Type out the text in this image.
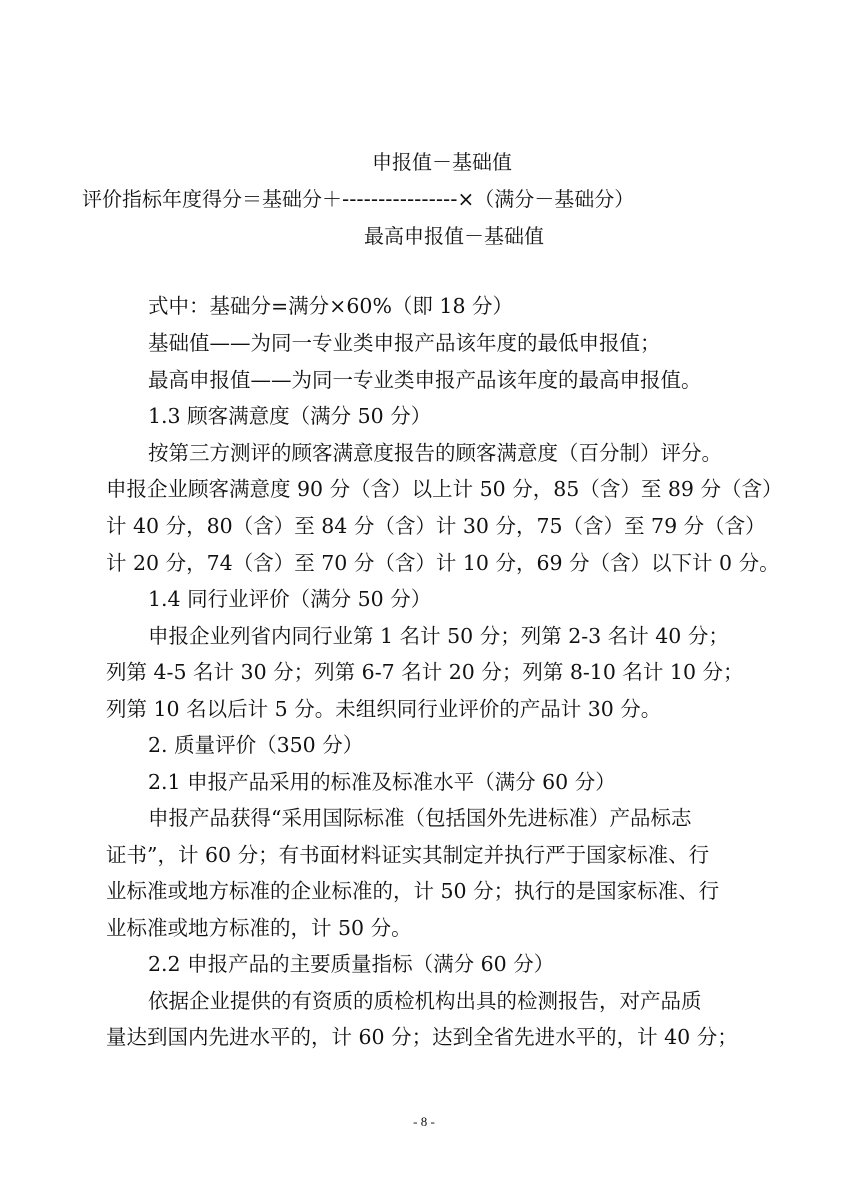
申报值－基础值
评价指标年度得分＝基础分＋----------------×（满分－基础分）
最高申报值－基础值
式中：基础分=满分×60%（即 18 分）
基础值——为同一专业类申报产品该年度的最低申报值；
最高申报值——为同一专业类申报产品该年度的最高申报值。
1.3 顾客满意度（满分 50 分）
按第三方测评的顾客满意度报告的顾客满意度（百分制）评分。
申报企业顾客满意度 90 分（含）以上计 50 分，85（含）至 89 分（含）
计 40 分，80（含）至 84 分（含）计 30 分，75（含）至 79 分（含）
计 20 分，74（含）至 70 分（含）计 10 分，69 分（含）以下计 0 分。
1.4 同行业评价（满分 50 分）
申报企业列省内同行业第 1 名计 50 分；列第 2-3 名计 40 分；
列第 4-5 名计 30 分；列第 6-7 名计 20 分；列第 8-10 名计 10 分；
列第 10 名以后计 5 分。未组织同行业评价的产品计 30 分。
2. 质量评价（350 分）
2.1 申报产品采用的标准及标准水平（满分 60 分）
申报产品获得“采用国际标准（包括国外先进标准）产品标志
证书”，计 60 分；有书面材料证实其制定并执行严于国家标准、行
业标准或地方标准的企业标准的，计 50 分；执行的是国家标准、行
业标准或地方标准的，计 50 分。
2.2 申报产品的主要质量指标（满分 60 分）
依据企业提供的有资质的质检机构出具的检测报告，对产品质
量达到国内先进水平的，计 60 分；达到全省先进水平的，计 40 分；
- 8 -
